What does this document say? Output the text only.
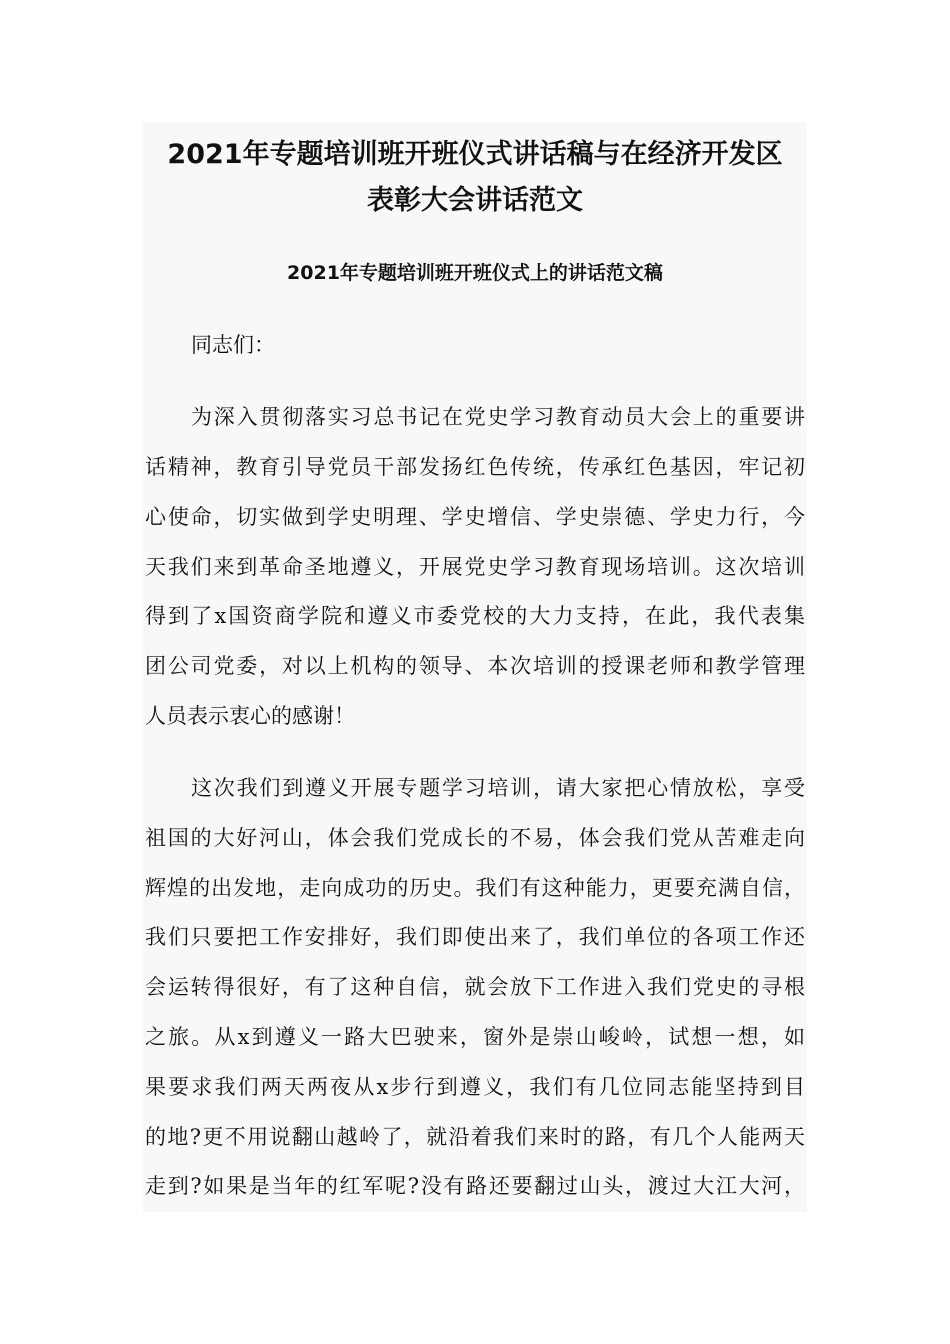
2021年专题培训班开班仪式讲话稿与在经济开发区
表彰大会讲话范文
2021年专题培训班开班仪式上的讲话范文稿

同志们：

为深入贯彻落实习总书记在党史学习教育动员大会上的重要讲

话精神，教育引导党员干部发扬红色传统，传承红色基因，牢记初

心使命，切实做到学史明理、学史增信、学史崇德、学史力行，今

天我们来到革命圣地遵义，开展党史学习教育现场培训。这次培训

得到了x国资商学院和遵义市委党校的大力支持，在此，我代表集

团公司党委，对以上机构的领导、本次培训的授课老师和教学管理

人员表示衷心的感谢！

这次我们到遵义开展专题学习培训，请大家把心情放松，享受

祖国的大好河山，体会我们党成长的不易，体会我们党从苦难走向

辉煌的出发地，走向成功的历史。我们有这种能力，更要充满自信，

我们只要把工作安排好，我们即使出来了，我们单位的各项工作还

会运转得很好，有了这种自信，就会放下工作进入我们党史的寻根

之旅。从x到遵义一路大巴驶来，窗外是崇山峻岭，试想一想，如

果要求我们两天两夜从x步行到遵义，我们有几位同志能坚持到目

的地?更不用说翻山越岭了，就沿着我们来时的路，有几个人能两天

走到?如果是当年的红军呢?没有路还要翻过山头，渡过大江大河，
